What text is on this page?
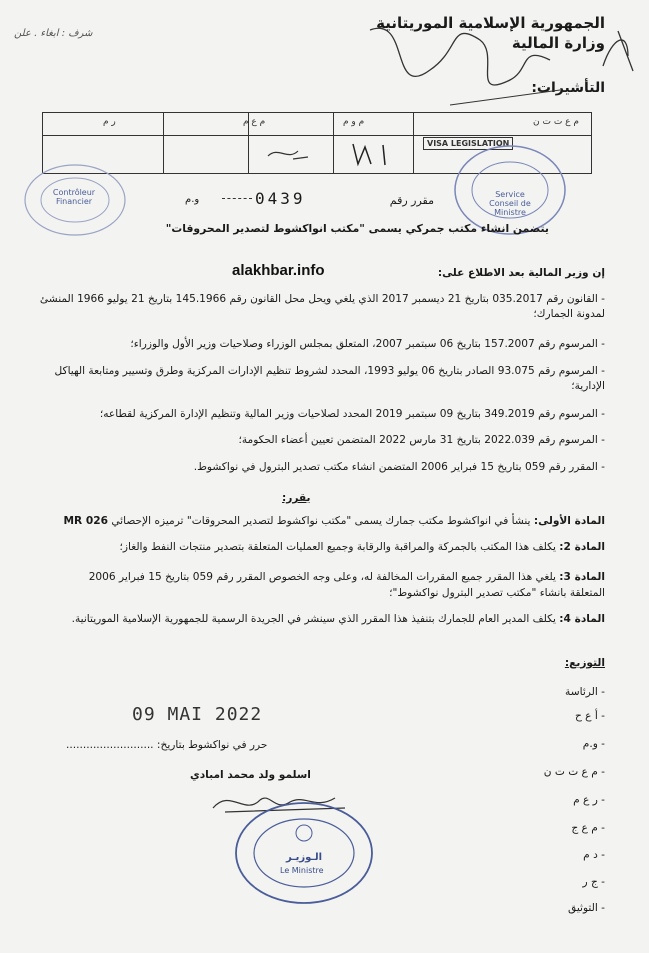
شرف : ابغاء . علن
الجمهورية الإسلامية الموريتانية
وزارة المالية
التأشيرات:
م ع ت ت ن
م و م
م ع م
ر م
VISA LEGISLATION
Service Conseil de Ministre
Contrôleur Financier	مقرر رقم
0439
و.م
يتضمن انشاء مكتب جمركي يسمى "مكتب انواكشوط لتصدير المحروقات"
alakhbar.info	إن وزير المالية بعد الاطلاع على:
- القانون رقم 035.2017 بتاريخ 21 ديسمبر 2017 الذي يلغي ويحل محل القانون رقم 145.1966 بتاريخ 21 يوليو 1966 المنشئ لمدونة الجمارك؛
- المرسوم رقم 157.2007 بتاريخ 06 سبتمبر 2007، المتعلق بمجلس الوزراء وصلاحيات وزير الأول والوزراء؛
- المرسوم رقم 93.075 الصادر بتاريخ 06 يوليو 1993، المحدد لشروط تنظيم الإدارات المركزية وطرق وتسيير ومتابعة الهياكل الإدارية؛
- المرسوم رقم 349.2019 بتاريخ 09 سبتمبر 2019 المحدد لصلاحيات وزير المالية وتنظيم الإدارة المركزية لقطاعه؛
- المرسوم رقم 2022.039 بتاريخ 31 مارس 2022 المتضمن تعيين أعضاء الحكومة؛
- المقرر رقم 059 بتاريخ 15 فبراير 2006 المتضمن انشاء مكتب تصدير البترول في نواكشوط.
يقرر:
المادة الأولى: ينشأ في انواكشوط مكتب جمارك يسمى "مكتب نواكشوط لتصدير المحروقات" ترميزه الإحصائي MR 026
المادة 2: يكلف هذا المكتب بالجمركة والمراقبة والرقابة وجميع العمليات المتعلقة بتصدير منتجات النفط والغاز؛
المادة 3: يلغي هذا المقرر جميع المقررات المخالفة له، وعلى وجه الخصوص المقرر رقم 059 بتاريخ 15 فبراير 2006
المتعلقة بانشاء "مكتب تصدير البترول نواكشوط"؛
المادة 4: يكلف المدير العام للجمارك بتنفيذ هذا المقرر الذي سينشر في الجريدة الرسمية للجمهورية الإسلامية الموريتانية.
التوزيع:
- الرئاسة
- أ ع ح
- و.م
- م ع ت ت ن
- ر ع م
- م ع ج
- د م
- ج ر
- التوثيق
09 MAI 2022
حرر في نواكشوط بتاريخ: ..........................
اسلمو ولد محمد امبادي
الـوزيـر
Le Ministre
